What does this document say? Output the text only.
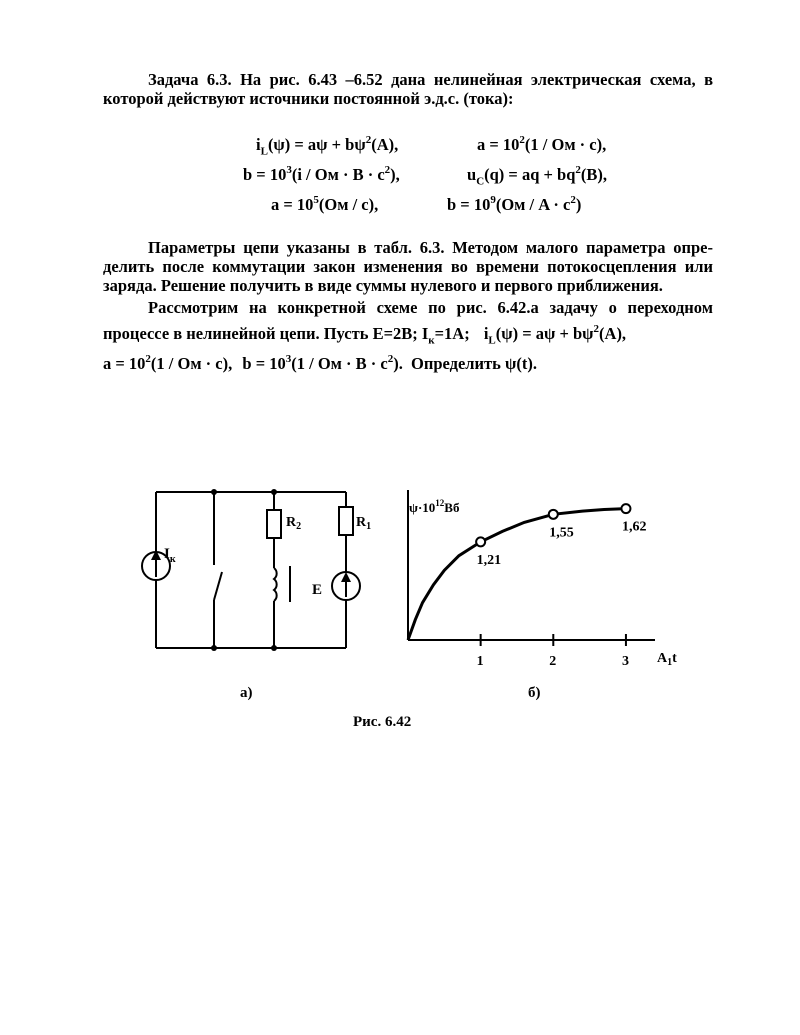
Задача 6.3. На рис. 6.43 –6.52 дана нелинейная электрическая схема, в
которой действуют источники постоянной э.д.с. (тока):
$i_L(\psi) = a\psi + b\psi^2(A)$,	$a = 10^2(1$ / Ом · c),
$b = 10^3(i$ / Ом · $В \cdot c^2$),	$u_C(q)$ = aq + $bq^2(B)$,
$a = 10^5(Ом / c)$,	$b = 10^9(Ом / A \cdot c^2)$
Параметры цепи указаны в табл. 6.3. Методом малого параметра опре-
делить после коммутации закон изменения во времени потокосцепления или
заряда. Решение получить в виде суммы нулевого и первого приближения.
Рассмотрим на конкретной схеме по рис. 6.42.а задачу о переходном
процессе в нелинейной цепи. Пусть E=2В; $I_к=1A$; $i_L(\psi) = a\psi + b\psi^2(A)$,
$a = 10^2(1$ / Ом · c), $b = 10^3(1$ / Ом · $В \cdot c^2$). Определить ψ(t).
$I_к$
$R_2$	$R_1$
E
а)
$\psi\cdot 10^{12}Вб$
$A_1t$
1	2	3
1,21
1,55	1,62
б)
Рис. 6.42
